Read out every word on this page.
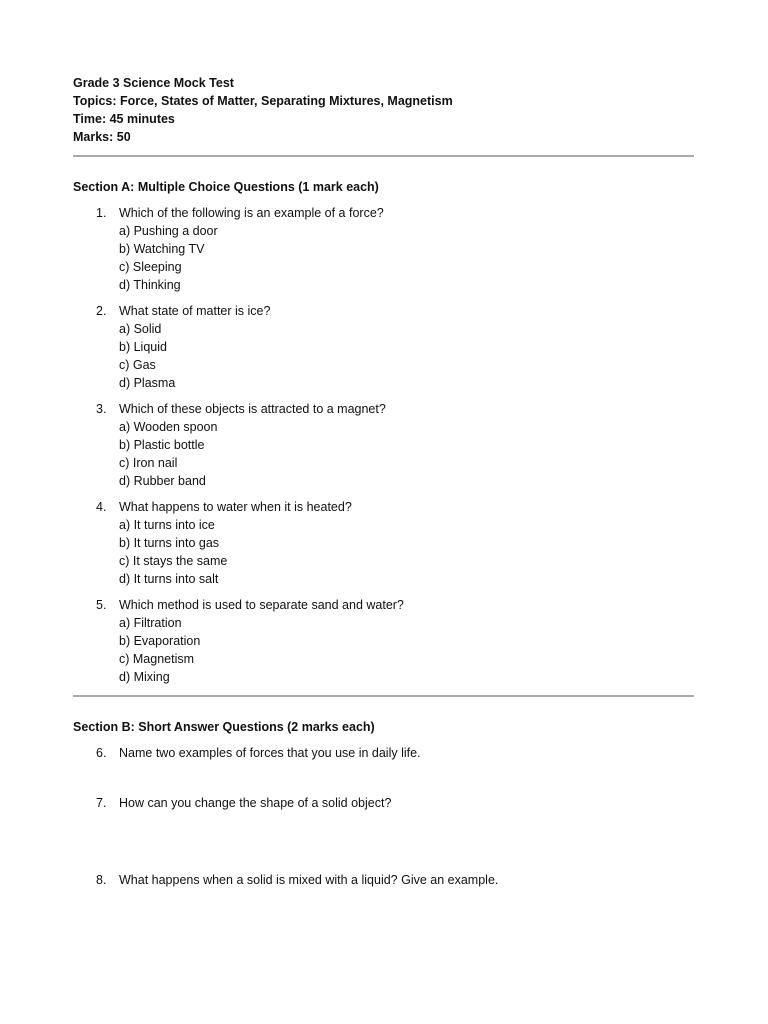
Grade 3 Science Mock Test
Topics: Force, States of Matter, Separating Mixtures, Magnetism
Time: 45 minutes
Marks: 50
Section A: Multiple Choice Questions (1 mark each)
1.	Which of the following is an example of a force?
a) Pushing a door
b) Watching TV
c) Sleeping
d) Thinking
2.	What state of matter is ice?
a) Solid
b) Liquid
c) Gas
d) Plasma
3.	Which of these objects is attracted to a magnet?
a) Wooden spoon
b) Plastic bottle
c) Iron nail
d) Rubber band
4.	What happens to water when it is heated?
a) It turns into ice
b) It turns into gas
c) It stays the same
d) It turns into salt
5.	Which method is used to separate sand and water?
a) Filtration
b) Evaporation
c) Magnetism
d) Mixing
Section B: Short Answer Questions (2 marks each)
6.	Name two examples of forces that you use in daily life.
7.	How can you change the shape of a solid object?
8.	What happens when a solid is mixed with a liquid? Give an example.
